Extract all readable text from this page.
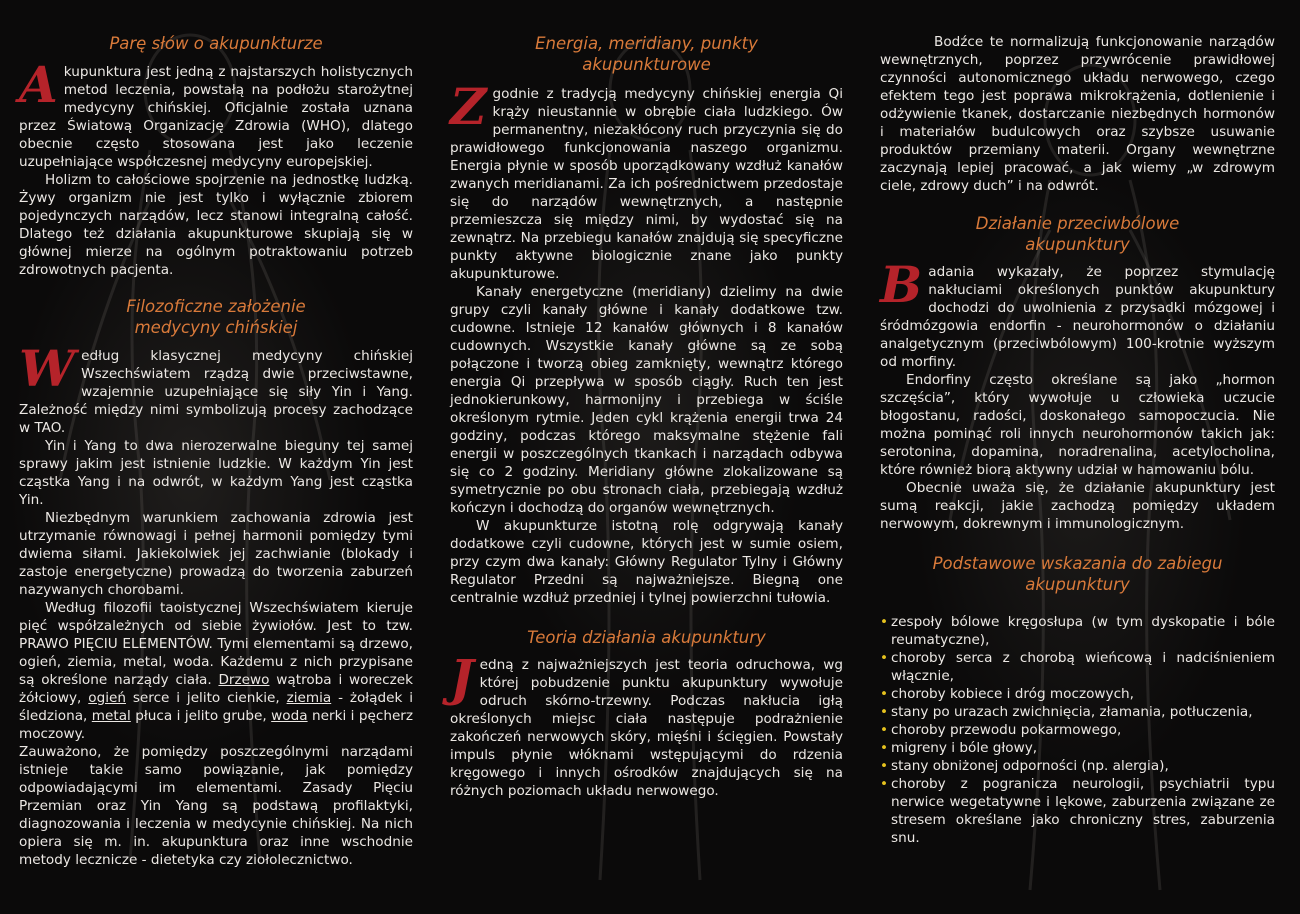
Parę słów o akupunkturze

Akupunktura jest jedną z najstarszych holistycznych metod leczenia, powstałą na podłożu starożytnej medycyny chińskiej. Oficjalnie została uznana przez Światową Organizację Zdrowia (WHO), dlatego obecnie często stosowana jest jako leczenie uzupełniające współczesnej medycyny europejskiej.

Holizm to całościowe spojrzenie na jednostkę ludzką. Żywy organizm nie jest tylko i wyłącznie zbiorem pojedynczych narządów, lecz stanowi integralną całość. Dlatego też działania akupunkturowe skupiają się w głównej mierze na ogólnym potraktowaniu potrzeb zdrowotnych pacjenta.

Filozoficzne założenie
medycyny chińskiej

Według klasycznej medycyny chińskiej Wszechświatem rządzą dwie przeciwstawne, wzajemnie uzupełniające się siły Yin i Yang. Zależność między nimi symbolizują procesy zachodzące w TAO.

Yin i Yang to dwa nierozerwalne bieguny tej samej sprawy jakim jest istnienie ludzkie. W każdym Yin jest cząstka Yang i na odwrót, w każdym Yang jest cząstka Yin.

Niezbędnym warunkiem zachowania zdrowia jest utrzymanie równowagi i pełnej harmonii pomiędzy tymi dwiema siłami. Jakiekolwiek jej zachwianie (blokady i zastoje energetyczne) prowadzą do tworzenia zaburzeń nazywanych chorobami.

Według filozofii taoistycznej Wszechświatem kieruje pięć współzależnych od siebie żywiołów. Jest to tzw. PRAWO PIĘCIU ELEMENTÓW. Tymi elementami są drzewo, ogień, ziemia, metal, woda. Każdemu z nich przypisane są określone narządy ciała. Drzewo wątroba i woreczek żółciowy, ogień serce i jelito cienkie, ziemia - żołądek i śledziona, metal płuca i jelito grube, woda nerki i pęcherz moczowy.

Zauważono, że pomiędzy poszczególnymi narządami istnieje takie samo powiązanie, jak pomiędzy odpowiadającymi im elementami. Zasady Pięciu Przemian oraz Yin Yang są podstawą profilaktyki, diagnozowania i leczenia w medycynie chińskiej. Na nich opiera się m. in. akupunktura oraz inne wschodnie metody lecznicze - dietetyka czy ziołolecznictwo.

Energia, meridiany, punkty
akupunkturowe

Zgodnie z tradycją medycyny chińskiej energia Qi krąży nieustannie w obrębie ciała ludzkiego. Ów permanentny, niezakłócony ruch przyczynia się do prawidłowego funkcjonowania naszego organizmu. Energia płynie w sposób uporządkowany wzdłuż kanałów zwanych meridianami. Za ich pośrednictwem przedostaje się do narządów wewnętrznych, a następnie przemieszcza się między nimi, by wydostać się na zewnątrz. Na przebiegu kanałów znajdują się specyficzne punkty aktywne biologicznie znane jako punkty akupunkturowe.

Kanały energetyczne (meridiany) dzielimy na dwie grupy czyli kanały główne i kanały dodatkowe tzw. cudowne. Istnieje 12 kanałów głównych i 8 kanałów cudownych. Wszystkie kanały główne są ze sobą połączone i tworzą obieg zamknięty, wewnątrz którego energia Qi przepływa w sposób ciągły. Ruch ten jest jednokierunkowy, harmonijny i przebiega w ściśle określonym rytmie. Jeden cykl krążenia energii trwa 24 godziny, podczas którego maksymalne stężenie fali energii w poszczególnych tkankach i narządach odbywa się co 2 godziny. Meridiany główne zlokalizowane są symetrycznie po obu stronach ciała, przebiegają wzdłuż kończyn i dochodzą do organów wewnętrznych.

W akupunkturze istotną rolę odgrywają kanały dodatkowe czyli cudowne, których jest w sumie osiem, przy czym dwa kanały: Główny Regulator Tylny i Główny Regulator Przedni są najważniejsze. Biegną one centralnie wzdłuż przedniej i tylnej powierzchni tułowia.

Teoria działania akupunktury

Jedną z najważniejszych jest teoria odruchowa, wg której pobudzenie punktu akupunktury wywołuje odruch skórno-trzewny. Podczas nakłucia igłą określonych miejsc ciała następuje podrażnienie zakończeń nerwowych skóry, mięśni i ścięgien. Powstały impuls płynie włóknami wstępującymi do rdzenia kręgowego i innych ośrodków znajdujących się na różnych poziomach układu nerwowego.

Bodźce te normalizują funkcjonowanie narządów wewnętrznych, poprzez przywrócenie prawidłowej czynności autonomicznego układu nerwowego, czego efektem tego jest poprawa mikrokrążenia, dotlenienie i odżywienie tkanek, dostarczanie niezbędnych hormonów i materiałów budulcowych oraz szybsze usuwanie produktów przemiany materii. Organy wewnętrzne zaczynają lepiej pracować, a jak wiemy „w zdrowym ciele, zdrowy duch” i na odwrót.

Działanie przeciwbólowe
akupunktury

Badania wykazały, że poprzez stymulację nakłuciami określonych punktów akupunktury dochodzi do uwolnienia z przysadki mózgowej i śródmózgowia endorfin - neurohormonów o działaniu analgetycznym (przeciwbólowym) 100-krotnie wyższym od morfiny.

Endorfiny często określane są jako „hormon szczęścia”, który wywołuje u człowieka uczucie błogostanu, radości, doskonałego samopoczucia. Nie można pominąć roli innych neurohormonów takich jak: serotonina, dopamina, noradrenalina, acetylocholina, które również biorą aktywny udział w hamowaniu bólu.

Obecnie uważa się, że działanie akupunktury jest sumą reakcji, jakie zachodzą pomiędzy układem nerwowym, dokrewnym i immunologicznym.

Podstawowe wskazania do zabiegu
akupunktury
• zespoły bólowe kręgosłupa (w tym dyskopatie i bóle reumatyczne),
• choroby serca z chorobą wieńcową i nadciśnieniem włącznie,
• choroby kobiece i dróg moczowych,
• stany po urazach zwichnięcia, złamania, potłuczenia,
• choroby przewodu pokarmowego,
• migreny i bóle głowy,
• stany obniżonej odporności (np. alergia),
• choroby z pogranicza neurologii, psychiatrii typu nerwice wegetatywne i lękowe, zaburzenia związane ze stresem określane jako chroniczny stres, zaburzenia snu.
